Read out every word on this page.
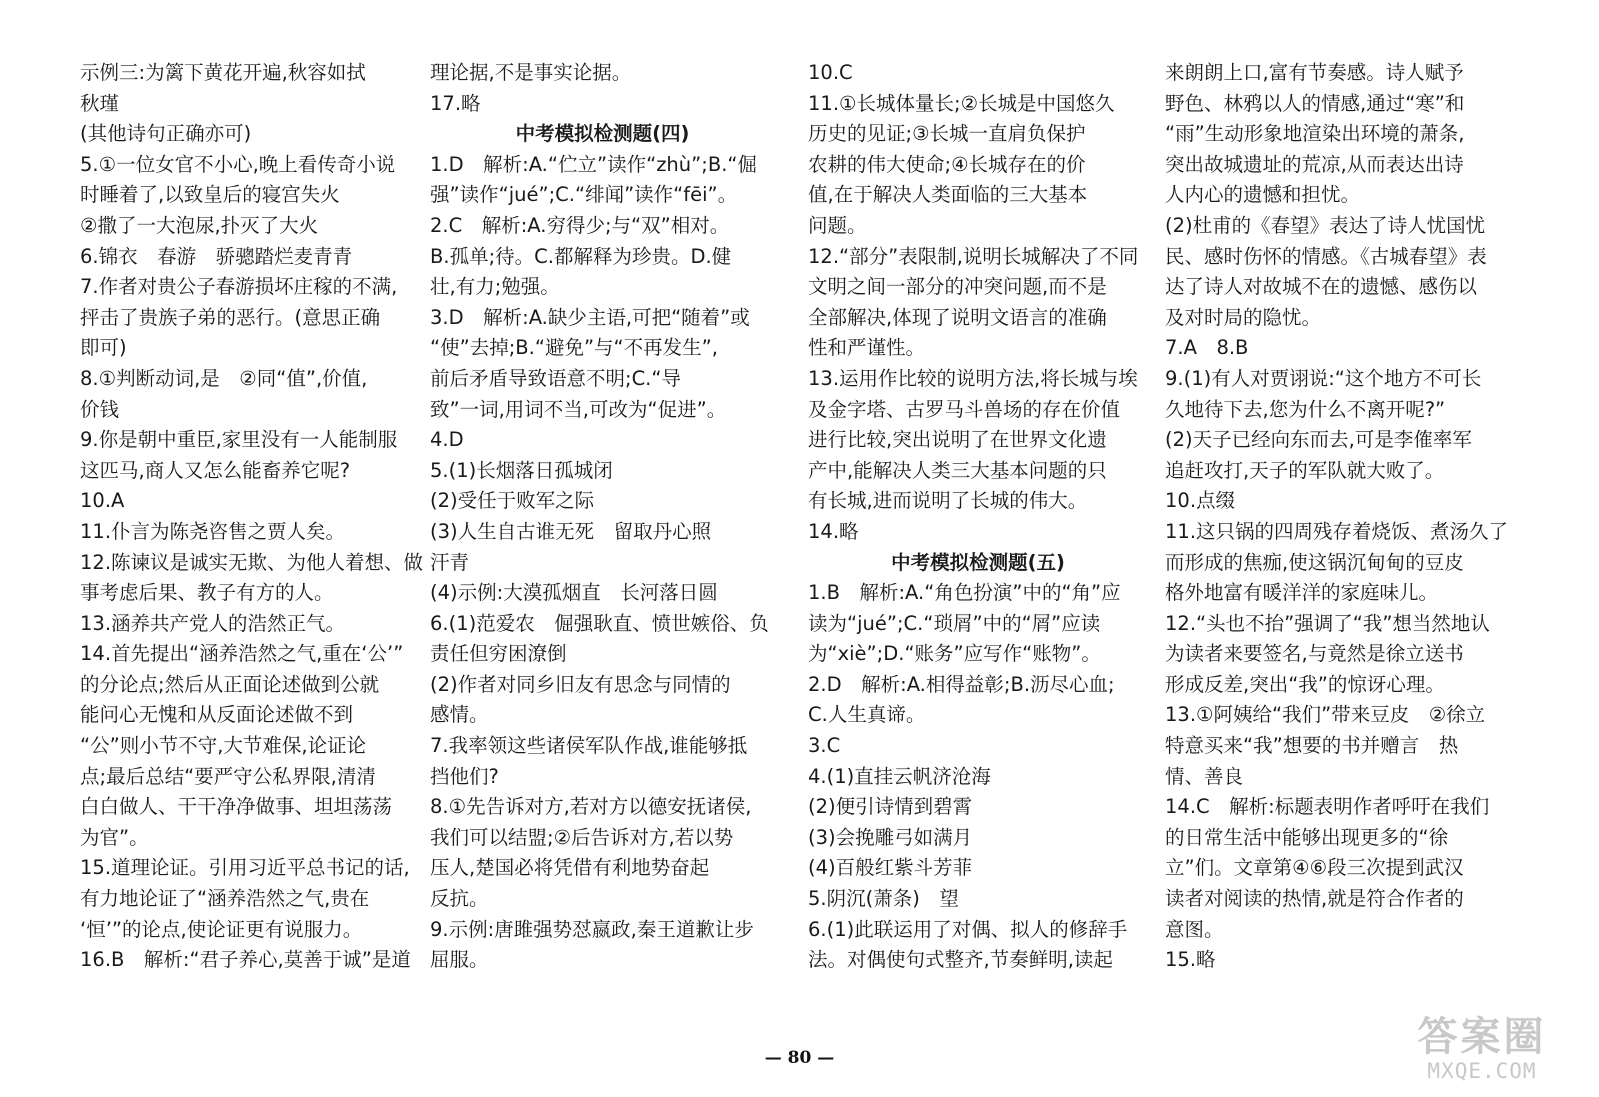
示例三:为篱下黄花开遍,秋容如拭
秋瑾
(其他诗句正确亦可)
5.①一位女官不小心,晚上看传奇小说
时睡着了,以致皇后的寝宫失火
②撒了一大泡尿,扑灭了大火
6.锦衣　春游　骄骢踏烂麦青青
7.作者对贵公子春游损坏庄稼的不满,
抨击了贵族子弟的恶行。(意思正确
即可)
8.①判断动词,是　②同“值”,价值,
价钱
9.你是朝中重臣,家里没有一人能制服
这匹马,商人又怎么能畜养它呢?
10.A
11.仆言为陈尧咨售之贾人矣。
12.陈谏议是诚实无欺、为他人着想、做
事考虑后果、教子有方的人。
13.涵养共产党人的浩然正气。
14.首先提出“涵养浩然之气,重在‘公’”
的分论点;然后从正面论述做到公就
能问心无愧和从反面论述做不到
“公”则小节不守,大节难保,论证论
点;最后总结“要严守公私界限,清清
白白做人、干干净净做事、坦坦荡荡
为官”。
15.道理论证。引用习近平总书记的话,
有力地论证了“涵养浩然之气,贵在
‘恒’”的论点,使论证更有说服力。
16.B　解析:“君子养心,莫善于诚”是道
理论据,不是事实论据。
17.略
中考模拟检测题(四)
1.D　解析:A.“伫立”读作“zhù”;B.“倔
强”读作“jué”;C.“绯闻”读作“fēi”。
2.C　解析:A.穷得少;与“双”相对。
B.孤单;待。C.都解释为珍贵。D.健
壮,有力;勉强。
3.D　解析:A.缺少主语,可把“随着”或
“使”去掉;B.“避免”与“不再发生”,
前后矛盾导致语意不明;C.“导
致”一词,用词不当,可改为“促进”。
4.D
5.(1)长烟落日孤城闭
(2)受任于败军之际
(3)人生自古谁无死　留取丹心照
汗青
(4)示例:大漠孤烟直　长河落日圆
6.(1)范爱农　倔强耿直、愤世嫉俗、负
责任但穷困潦倒
(2)作者对同乡旧友有思念与同情的
感情。
7.我率领这些诸侯军队作战,谁能够抵
挡他们?
8.①先告诉对方,若对方以德安抚诸侯,
我们可以结盟;②后告诉对方,若以势
压人,楚国必将凭借有利地势奋起
反抗。
9.示例:唐雎强势怼嬴政,秦王道歉让步
屈服。
10.C
11.①长城体量长;②长城是中国悠久
历史的见证;③长城一直肩负保护
农耕的伟大使命;④长城存在的价
值,在于解决人类面临的三大基本
问题。
12.“部分”表限制,说明长城解决了不同
文明之间一部分的冲突问题,而不是
全部解决,体现了说明文语言的准确
性和严谨性。
13.运用作比较的说明方法,将长城与埃
及金字塔、古罗马斗兽场的存在价值
进行比较,突出说明了在世界文化遗
产中,能解决人类三大基本问题的只
有长城,进而说明了长城的伟大。
14.略
中考模拟检测题(五)
1.B　解析:A.“角色扮演”中的“角”应
读为“jué”;C.“琐屑”中的“屑”应读
为“xiè”;D.“账务”应写作“账物”。
2.D　解析:A.相得益彰;B.沥尽心血;
C.人生真谛。
3.C
4.(1)直挂云帆济沧海
(2)便引诗情到碧霄
(3)会挽雕弓如满月
(4)百般红紫斗芳菲
5.阴沉(萧条)　望
6.(1)此联运用了对偶、拟人的修辞手
法。对偶使句式整齐,节奏鲜明,读起
来朗朗上口,富有节奏感。诗人赋予
野色、林鸦以人的情感,通过“寒”和
“雨”生动形象地渲染出环境的萧条,
突出故城遗址的荒凉,从而表达出诗
人内心的遗憾和担忧。
(2)杜甫的《春望》表达了诗人忧国忧
民、感时伤怀的情感。《古城春望》表
达了诗人对故城不在的遗憾、感伤以
及对时局的隐忧。
7.A　8.B
9.(1)有人对贾诩说:“这个地方不可长
久地待下去,您为什么不离开呢?”
(2)天子已经向东而去,可是李傕率军
追赶攻打,天子的军队就大败了。
10.点缀
11.这只锅的四周残存着烧饭、煮汤久了
而形成的焦痂,使这锅沉甸甸的豆皮
格外地富有暖洋洋的家庭味儿。
12.“头也不抬”强调了“我”想当然地认
为读者来要签名,与竟然是徐立送书
形成反差,突出“我”的惊讶心理。
13.①阿姨给“我们”带来豆皮　②徐立
特意买来“我”想要的书并赠言　热
情、善良
14.C　解析:标题表明作者呼吁在我们
的日常生活中能够出现更多的“徐
立”们。文章第④⑥段三次提到武汉
读者对阅读的热情,就是符合作者的
意图。
15.略
— 80 —	答案圈
MXQE.COM
